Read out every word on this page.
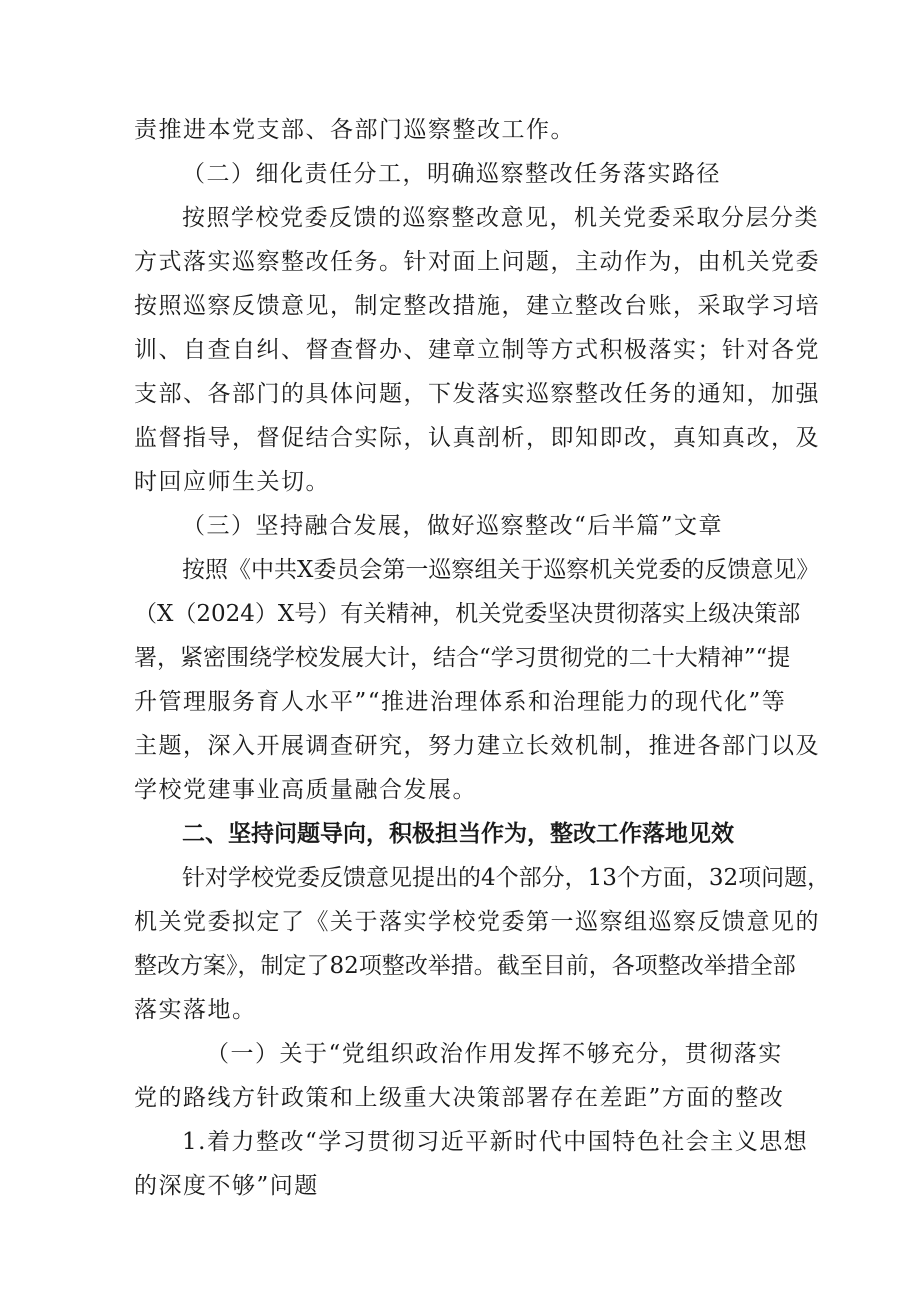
责推进本党支部、各部门巡察整改工作。
（二）细化责任分工，明确巡察整改任务落实路径
按照学校党委反馈的巡察整改意见，机关党委采取分层分类
方式落实巡察整改任务。针对面上问题，主动作为，由机关党委
按照巡察反馈意见，制定整改措施，建立整改台账，采取学习培
训、自查自纠、督查督办、建章立制等方式积极落实；针对各党
支部、各部门的具体问题，下发落实巡察整改任务的通知，加强
监督指导，督促结合实际，认真剖析，即知即改，真知真改，及
时回应师生关切。
（三）坚持融合发展，做好巡察整改“后半篇”文章
按照《中共X委员会第一巡察组关于巡察机关党委的反馈意见》
（X（2024）X号）有关精神，机关党委坚决贯彻落实上级决策部
署，紧密围绕学校发展大计，结合“学习贯彻党的二十大精神”“提
升管理服务育人水平”“推进治理体系和治理能力的现代化”等
主题，深入开展调查研究，努力建立长效机制，推进各部门以及
学校党建事业高质量融合发展。
二、坚持问题导向，积极担当作为，整改工作落地见效
针对学校党委反馈意见提出的4个部分，13个方面，32项问题，
机关党委拟定了《关于落实学校党委第一巡察组巡察反馈意见的
整改方案》，制定了82项整改举措。截至目前，各项整改举措全部
落实落地。
（一）关于“党组织政治作用发挥不够充分，贯彻落实
党的路线方针政策和上级重大决策部署存在差距”方面的整改
1.着力整改“学习贯彻习近平新时代中国特色社会主义思想
的深度不够”问题
